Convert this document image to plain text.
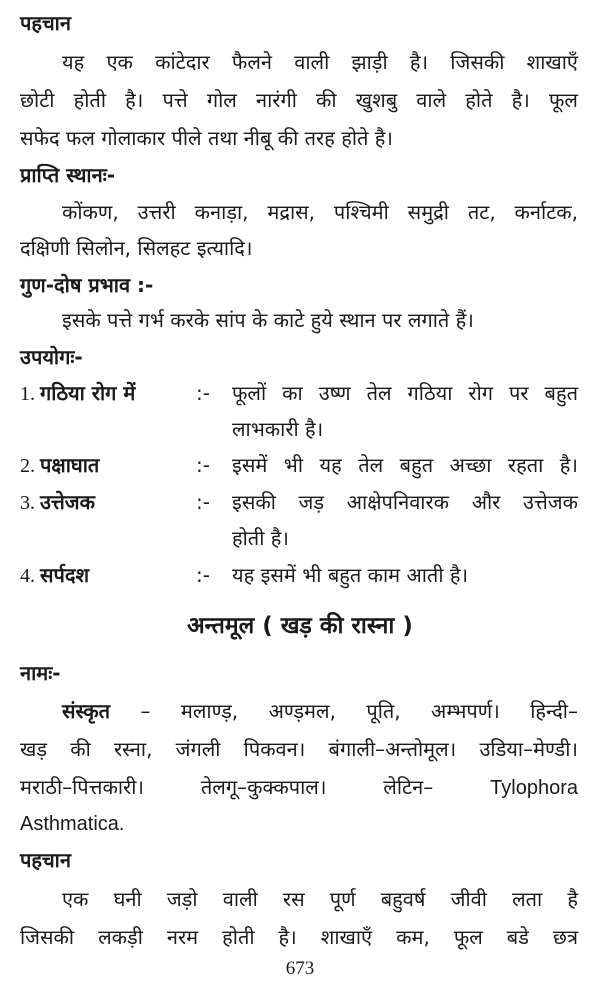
पहचान
यह एक कांटेदार फैलने वाली झाड़ी है। जिसकी शाखाएँ
छोटी होती है। पत्ते गोल नारंगी की खुशबु वाले होते है। फूल
सफेद फल गोलाकार पीले तथा नीबू की तरह होते है।
प्राप्ति स्थानः-
कोंकण, उत्तरी कनाड़ा, मद्रास, पश्चिमी समुद्री तट, कर्नाटक,
दक्षिणी सिलोन, सिलहट इत्यादि।
गुण-दोष प्रभाव :-
इसके पत्ते गर्भ करके सांप के काटे हुये स्थान पर लगाते हैं।
उपयोगः-
1. गठिया रोग में	:- फूलों का उष्ण तेल गठिया रोग पर बहुत
लाभकारी है।
2. पक्षाघात	:- इसमें भी यह तेल बहुत अच्छा रहता है।
3. उत्तेजक	:- इसकी जड़ आक्षेपनिवारक और उत्तेजक
होती है।
4. सर्पदश	:- यह इसमें भी बहुत काम आती है।
अन्तमूल ( खड़ की रास्ना )
नामः-
संस्कृत – मलाण्ड़, अण्ड़मल, पूति, अम्भपर्ण। हिन्दी–
खड़ की रस्ना, जंगली पिकवन। बंगाली–अन्तोमूल। उडिया–मेण्डी।
मराठी–पित्तकारी। तेलगू–कुक्कपाल। लेटिन–	Tylophora
Asthmatica.
पहचान
एक घनी जड़ो वाली रस पूर्ण बहुवर्ष जीवी लता है
जिसकी लकड़ी नरम होती है। शाखाएँ कम, फूल बडे छत्र
673
